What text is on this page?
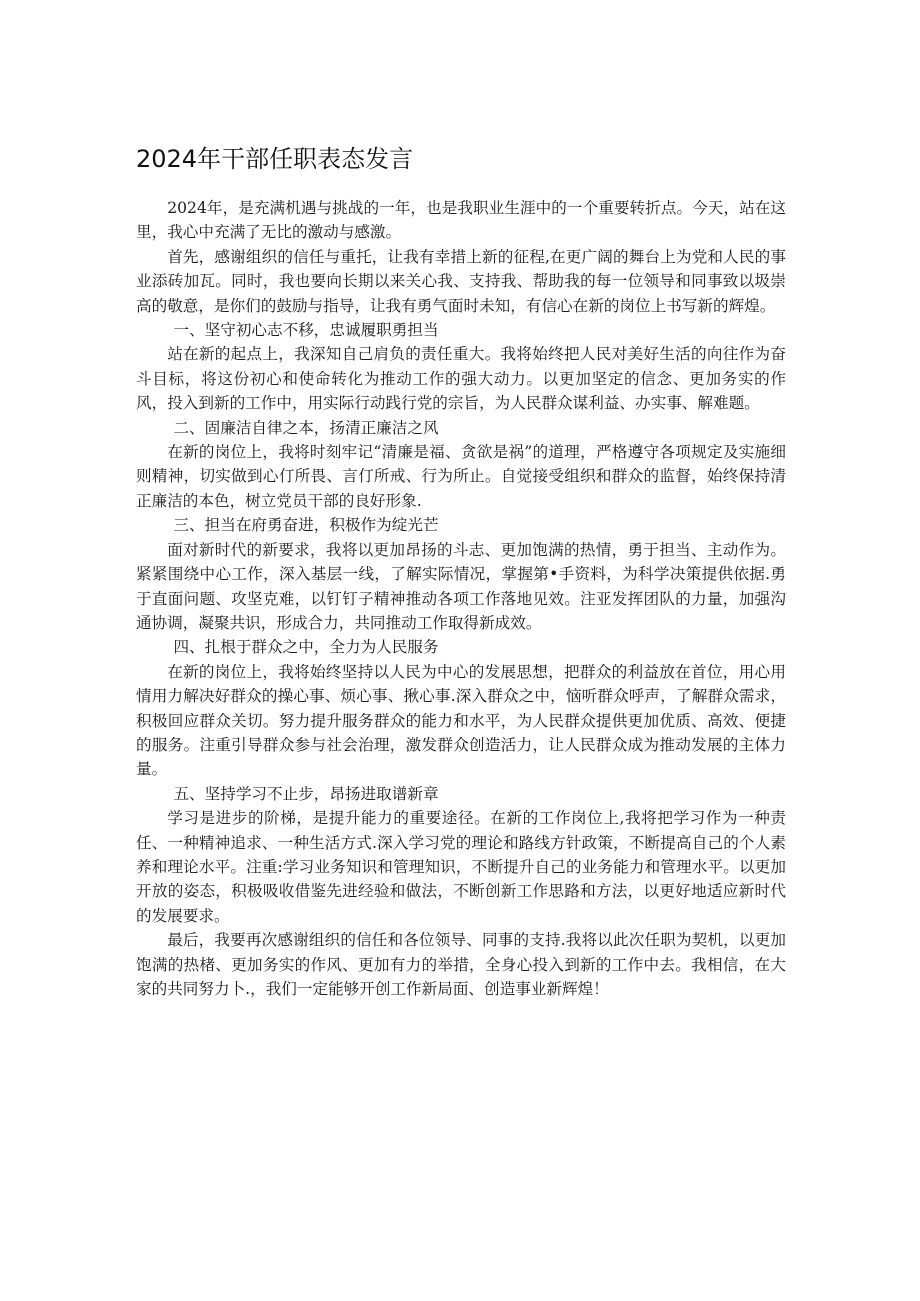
2024年干部任职表态发言

2024年，是充满机遇与挑战的一年，也是我职业生涯中的一个重要转折点。今天，站在这里，我心中充满了无比的激动与感激。

首先，感谢组织的信任与重托，让我有幸措上新的征程,在更广阔的舞台上为党和人民的事业添砖加瓦。同时，我也要向长期以来关心我、支持我、帮助我的每一位领导和同事致以圾崇高的敬意，是你们的鼓励与指导，让我有勇气面时未知，有信心在新的岗位上书写新的辉煌。

一、坚守初心志不移，忠诚履职勇担当

站在新的起点上，我深知自己肩负的责任重大。我将始终把人民对美好生活的向往作为奋斗目标，将这份初心和使命转化为推动工作的强大动力。以更加坚定的信念、更加务实的作风，投入到新的工作中，用实际行动践行党的宗旨，为人民群众谋利益、办实事、解难题。

二、固廉洁自律之本，扬清正廉洁之风

在新的岗位上，我将时刻牢记“清廉是福、贪欲是祸”的道理，严格遵守各项规定及实施细则精神，切实做到心仃所畏、言仃所戒、行为所止。自觉接受组织和群众的监督，始终保持清正廉洁的本色，树立党员干部的良好形象.

三、担当在府勇奋进，积极作为绽光芒

面对新时代的新要求，我将以更加昂扬的斗志、更加饱满的热情，勇于担当、主动作为。紧紧围绕中心工作，深入基层一线，了解实际情况，掌握第•手资料，为科学决策提供依据.勇于直面问题、攻坚克难，以钉钉子精神推动各项工作落地见效。注亚发挥团队的力量，加强沟通协调，凝聚共识，形成合力，共同推动工作取得新成效。

四、扎根于群众之中，全力为人民服务

在新的岗位上，我将始终坚持以人民为中心的发展思想，把群众的利益放在首位，用心用情用力解决好群众的操心事、烦心事、揪心事.深入群众之中，恼听群众呼声，了解群众需求，积极回应群众关切。努力提升服务群众的能力和水平，为人民群众提供更加优质、高效、便捷的服务。注重引导群众参与社会治理，激发群众创造活力，让人民群众成为推动发展的主体力量。

五、坚持学习不止步，昂扬进取谱新章

学习是进步的阶梯，是提升能力的重要途径。在新的工作岗位上,我将把学习作为一种责任、一种精神追求、一种生活方式.深入学习党的理论和路线方针政策，不断提高自己的个人素养和理论水平。注重:学习业务知识和管理知识，不断提升自己的业务能力和管理水平。以更加开放的姿态，积极吸收借鉴先进经验和做法，不断创新工作思路和方法，以更好地适应新时代的发展要求。

最后，我要再次感谢组织的信任和各位领导、同事的支持.我将以此次任职为契机，以更加饱满的热楮、更加务实的作风、更加有力的举措，全身心投入到新的工作中去。我相信，在大家的共同努力卜.，我们一定能够开创工作新局面、创造事业新辉煌！
